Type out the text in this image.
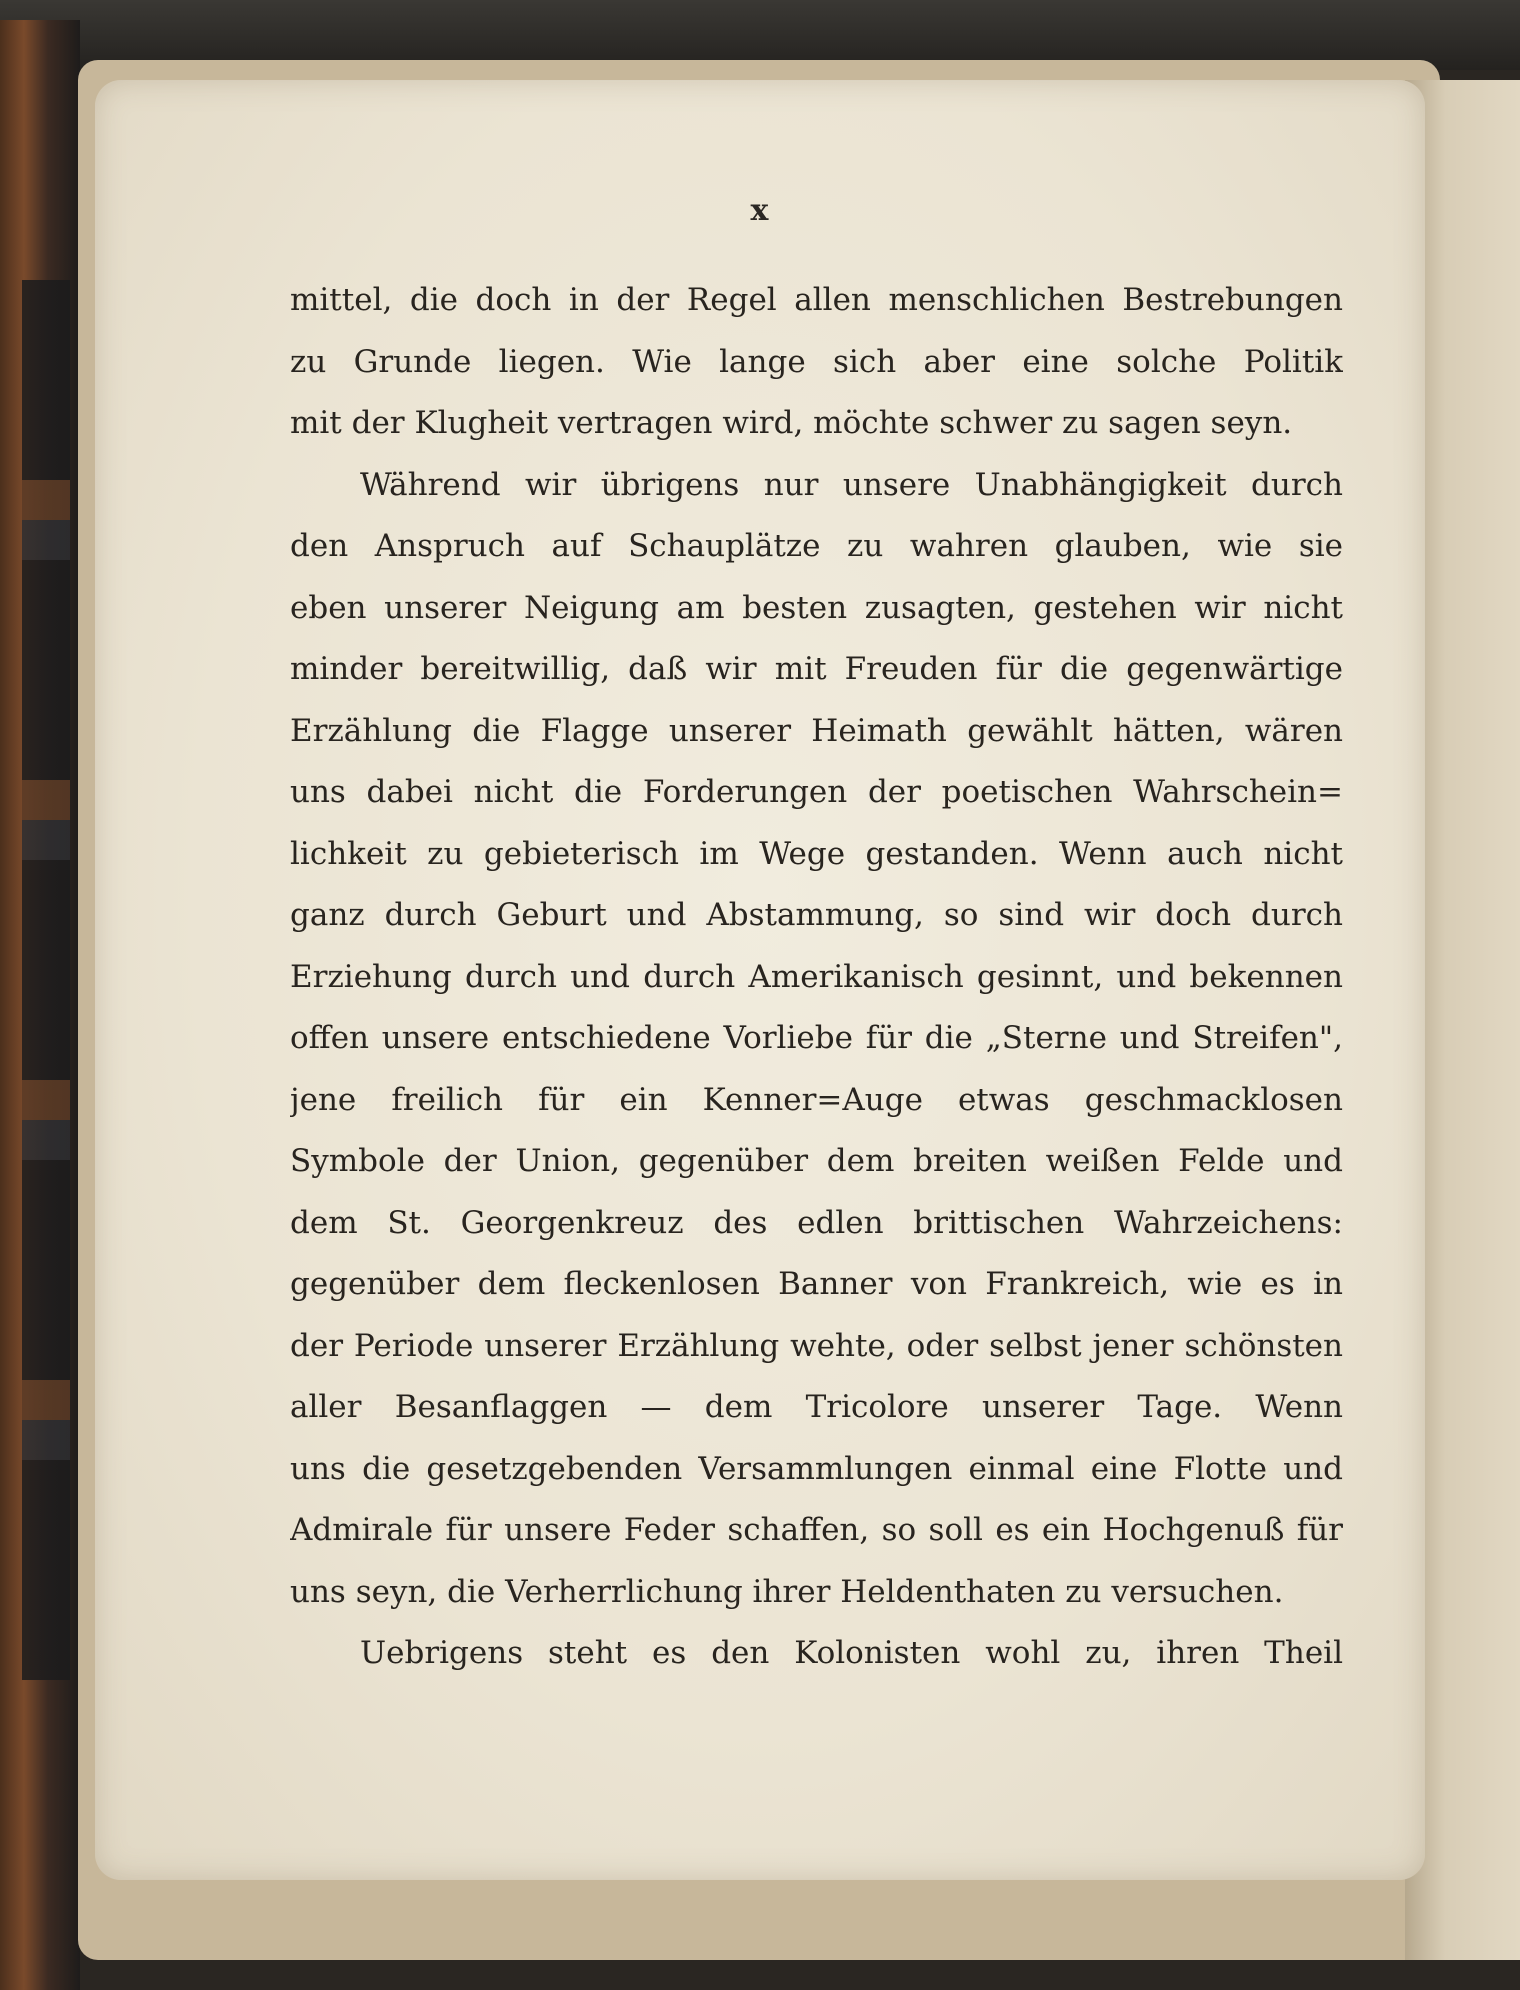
x
mittel, die doch in der Regel allen menschlichen Bestrebungen
zu Grunde liegen. Wie lange sich aber eine solche Politik
mit der Klugheit vertragen wird, möchte schwer zu sagen seyn.
Während wir übrigens nur unsere Unabhängigkeit durch
den Anspruch auf Schauplätze zu wahren glauben, wie sie
eben unserer Neigung am besten zusagten, gestehen wir nicht
minder bereitwillig, daß wir mit Freuden für die gegenwärtige
Erzählung die Flagge unserer Heimath gewählt hätten, wären
uns dabei nicht die Forderungen der poetischen Wahrschein=
lichkeit zu gebieterisch im Wege gestanden. Wenn auch nicht
ganz durch Geburt und Abstammung, so sind wir doch durch
Erziehung durch und durch Amerikanisch gesinnt, und bekennen
offen unsere entschiedene Vorliebe für die „Sterne und Streifen",
jene freilich für ein Kenner=Auge etwas geschmacklosen
Symbole der Union, gegenüber dem breiten weißen Felde und
dem St. Georgenkreuz des edlen brittischen Wahrzeichens:
gegenüber dem fleckenlosen Banner von Frankreich, wie es in
der Periode unserer Erzählung wehte, oder selbst jener schönsten
aller Besanflaggen — dem Tricolore unserer Tage. Wenn
uns die gesetzgebenden Versammlungen einmal eine Flotte und
Admirale für unsere Feder schaffen, so soll es ein Hochgenuß für
uns seyn, die Verherrlichung ihrer Heldenthaten zu versuchen.
Uebrigens steht es den Kolonisten wohl zu, ihren Theil
